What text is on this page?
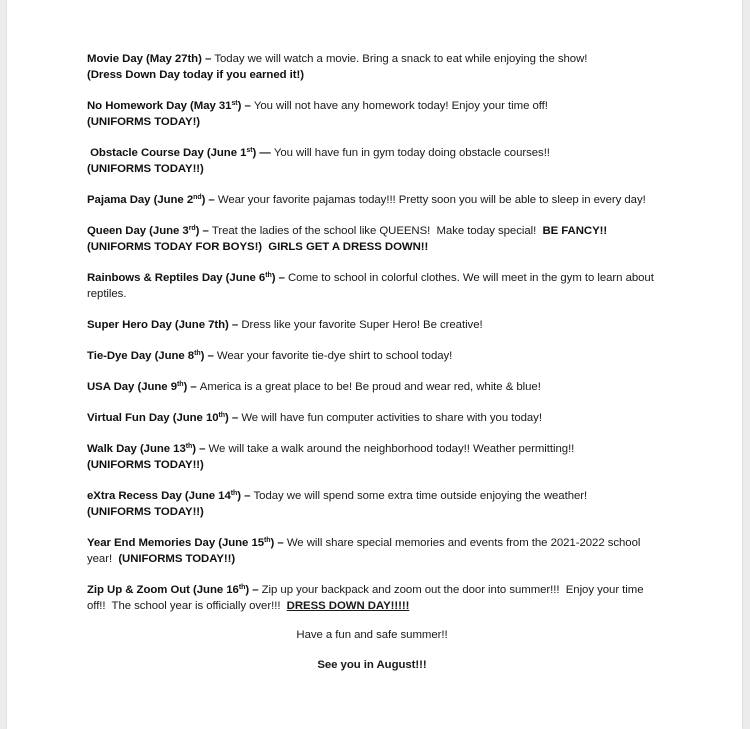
Movie Day (May 27th) – Today we will watch a movie. Bring a snack to eat while enjoying the show!
(Dress Down Day today if you earned it!)

No Homework Day (May 31st) – You will not have any homework today! Enjoy your time off!
(UNIFORMS TODAY!)

Obstacle Course Day (June 1st) — You will have fun in gym today doing obstacle courses!!
(UNIFORMS TODAY!!)

Pajama Day (June 2nd) – Wear your favorite pajamas today!!! Pretty soon you will be able to sleep in every day!

Queen Day (June 3rd) – Treat the ladies of the school like QUEENS!  Make today special!  BE FANCY!!
(UNIFORMS TODAY FOR BOYS!)  GIRLS GET A DRESS DOWN!!

Rainbows & Reptiles Day (June 6th) – Come to school in colorful clothes. We will meet in the gym to learn about reptiles.

Super Hero Day (June 7th) – Dress like your favorite Super Hero! Be creative!

Tie-Dye Day (June 8th) – Wear your favorite tie-dye shirt to school today!

USA Day (June 9th) – America is a great place to be! Be proud and wear red, white & blue!

Virtual Fun Day (June 10th) – We will have fun computer activities to share with you today!

Walk Day (June 13th) – We will take a walk around the neighborhood today!! Weather permitting!!
(UNIFORMS TODAY!!)

eXtra Recess Day (June 14th) – Today we will spend some extra time outside enjoying the weather!
(UNIFORMS TODAY!!)

Year End Memories Day (June 15th) – We will share special memories and events from the 2021-2022 school year!  (UNIFORMS TODAY!!)

Zip Up & Zoom Out (June 16th) – Zip up your backpack and zoom out the door into summer!!!  Enjoy your time off!!  The school year is officially over!!!  DRESS DOWN DAY!!!!!

Have a fun and safe summer!!

See you in August!!!
